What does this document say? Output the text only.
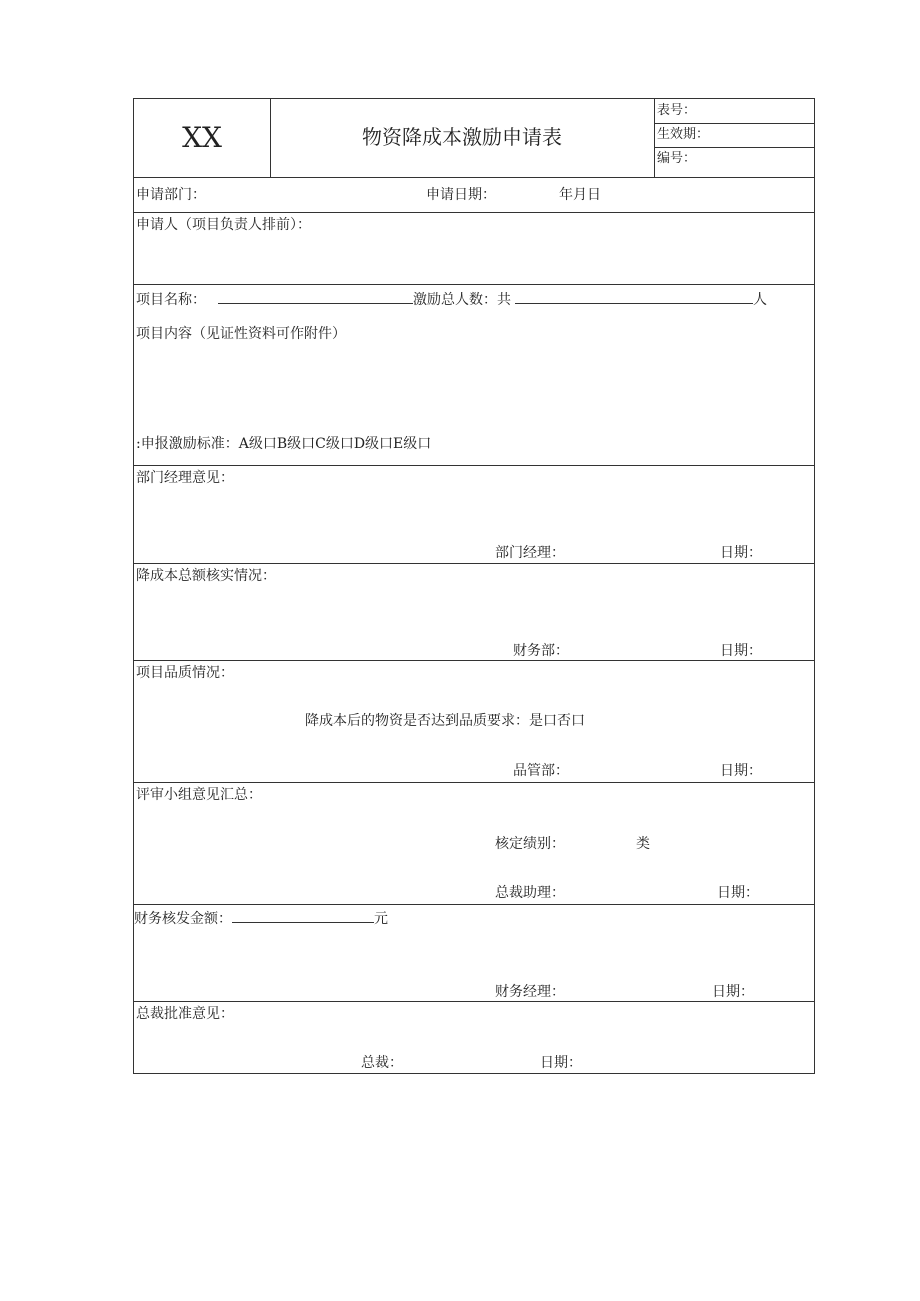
XX	物资降成本激励申请表
表号：
生效期：
编号：
申请部门：	申请日期：	年月日
申请人（项目负责人排前）：
项目名称：	激励总人数：共	人
项目内容（见证性资料可作附件）
:申报激励标准：A级口B级口C级口D级口E级口
部门经理意见：
部门经理：	日期：
降成本总额核实情况：
财务部：	日期：
项目品质情况：
降成本后的物资是否达到品质要求：是口否口
品管部：	日期：
评审小组意见汇总：
核定绩别：	类
总裁助理：	日期：
财务核发金额：	元
财务经理：	日期：
总裁批准意见：
总裁：	日期：
